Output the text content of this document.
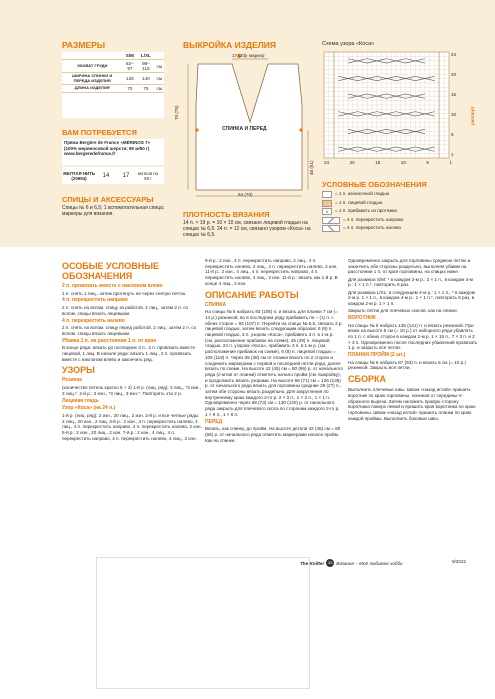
РАЗМЕРЫ
	S/M	L/XL	
ОБХВАТ ГРУДИ	82–97	98–115	см
ШИРИНА СПИНКИ И ПЕРЕДА ИЗДЕЛИЯ	128	140	см
ДЛИНА ИЗДЕЛИЯ	70	75	см
ВАМ ПОТРЕБУЕТСЯ
Пряжа Bergère de France «MÉRINOS 7»
(100% мериносовой шерсти; 85 м/50 г)
www.bergeredefrance.fr
ЖЕЛТАЯ НИТЬ (20994)	14	17	мотков по 50 г
СПИЦЫ И АКСЕССУАРЫ
Спицы № 6 и 6,5; 1 вспомогательная спица; маркеры для вязания.
ВЫКРОЙКА ИЗДЕЛИЯ
= маркер
СПИНКА И ПЕРЕД
17 (20)
64 (70)
70 (75)
48 (51)
ПЛОТНОСТЬ ВЯЗАНИЯ
14 п. × 19 р. = 10 × 10 см, связано лицевой гладью на спицах № 6,5. 24 п. = 12 см, связано узором «Коса» на спицах № 6,5.
Схема узора «Коса»
раппорт
24	20	15	10	5	1
24
20
15
10
5
1
УСЛОВНЫЕ ОБОЗНАЧЕНИЯ
= 1 п. изнаночной гладью
= 1 п. лицевой гладью
V	= 1 п. прибавить из протяжки
= 4 п. перекрестить направо
= 4 п. перекрестить налево
ОСОБЫЕ УСЛОВНЫЕ ОБОЗНАЧЕНИЯ
2 п. провязать вместе с наклоном влево

1 п. снять 1 лиц., затем протянуть ее через снятую петлю.

4 п. перекрестить направо

2 п. снять на вспом. спицу за работой, 2 лиц., затем 2 п. со вспом. спицы вязать лицевыми.

4 п. перекрестить налево

2 п. снять на вспом. спицу перед работой, 2 лиц., затем 2 п. со вспом. спицы вязать лицевыми.

Убавка 1 п. на расстоянии 1 п. от края

В конце ряда: вязать до последних 3 п., 2 п. провязать вместе лицевой, 1 лиц. В начале ряда: вязать 1 лиц., 2 п. провязать вместе с наклоном влево и закончить ряд.

УЗОРЫ
Резинка

(количество петель кратно 6 + 3) 1-й р. (лиц. ряд): 3 лиц., *3 изн., 3 лиц.*. 2-й р.: 3 изн., *3 лиц., 3 изн.*. Повторять эти 2 р.

Лицевая гладь
Узор «Коса» (на 24 п.)

1-й р. (лиц. ряд): 2 изн., 20 лиц., 2 изн. 2-й р. и все четные ряды: 2 лиц., 20 изн., 2 лиц. 3-й р.: 2 изн., 4 п. перекрестить налево, 4 лиц., 4 п. перекрестить направо, 4 п. перекрестить налево, 2 изн. 5-й р.: 2 изн., 20 лиц., 2 изн. 7-й р.: 2 изн., 4 лиц., 4 п. перекрестить направо, 4 п. перекрестить налево, 4 лиц., 2 изн.

9-й р.: 2 изн., 4 п. перекрестить направо, 2 лиц., 4 п. перекрестить налево, 2 лиц., 4 п. перекрестить налево, 2 изн. 11-й р.: 2 изн., 4 лиц., 4 п. перекрестить направо, 4 п. перекрестить налево, 4 лиц., 2 изн. 11-й р.: вязать как 1-й р. В конце 4 лиц., 2 изн.

ОПИСАНИЕ РАБОТЫ
СПИНКА

На спицы № 6 набрать 93 (105) п. и вязать для планки 7 см (= 14 р.) резинкой, во в последнем ряду прибавить по – (1) п. с обеих сторон = 93 (107) п. Перейти на спицы № 6,5, связать 2 р. лицевой гладью, затем вязать следующим образом: 6 (8) п. лицевой гладью, 3 п. узором «Коса», прибавить 3 п. в 1-м р. (см. расположение прибавок на схеме), 45 (49) п. лицевой гладью, 24 п. узором «Коса», прибавить 3 п. в 1-м р. (см. расположение прибавок на схеме), 6 (8) п. лицевой гладью = 105 (119) п. Через 35 (38) см от планки вязать по 2 сторон и соединить маркерами с первой и последней петли ряда, далее вязать по схеме. На высоте 42 (45) см = 80 (86) р. от начального ряда (считая от планки) отметить начало пройм (см. выкройку), и продолжить вязать узорами. На высоте 66 (71) см = 126 (135) р. от начального ряда вязать для горловины средние 25 (27) п., затем обе стороны вязать раздельно. Для закругления по внутреннему краю каждого 2-го р. 2 × 3 п., 1 × 2 п., 1 × 1 п. Одновременно через 68 (73) см = 130 (140) р. от начального ряда закрыть для плечевого скоса по сторонам каждого 2-го р. 1 × 9 п., 1 × 8 п.

ПЕРЕД

Вязать, как спинку, до пройм. На высоте детали 42 (45) см = 80 (86) р. от начального ряда отметить маркерами начало пройм. Как на спинке.

Одновременно закрыть для горловины среднюю петлю и закончить обе стороны раздельно, выполняя убавки на расстоянии 1 п. от края горловины, на спицах ниже.

Для размера S/M: * в каждом 2-м р.: 2 × 1 п., в каждом 4-м р.: 1 × 1 п.*, повторить 6 раз.

Для размера L/XL: в следующем 4-м р.: 1 × 1 п., * в каждом 2-м р. 1 × 1 п., в каждом 4-м р.: 1 × 1 п.*, повторить 6 раз, в каждом 2-м р. 1 × 1 п.

Закрыть петли для плечевых скосов, как на спинке.

ВОРОТНИК

На спицы № 6 набрать 135 (141) п. и вязать резинкой. При вязке на высоте 5 см (= 10 р.) от наборного ряда убавлять по 1 п. с обеих сторон в каждом 2-м р. 1 × 18 п., 7 × 3 п. и 2 × 3 п. Одновременно после последних убавлений провязать 1 р. и закрыть все петли.

ПЛАНКИ ПРОЙМ (2 шт.)

На спицы № 6 набрать 87 (93) п. и вязать 5 см (= 10 р.) резинкой. Закрыть все петли.

СБОРКА

Выполнить плечевые швы. Швом «назад иглой» пришить воротник по краю горловины, начиная от середины V-образного выреза. Затем наложить правую сторону воротника поверх левой и пришить края воротника по краю горловины. Швом «назад иглой» пришить планки по краю каждой проймы. Выполнить боковые швы.

The Knitter 33 Вязание – Моё любимое хобби	9/2022
